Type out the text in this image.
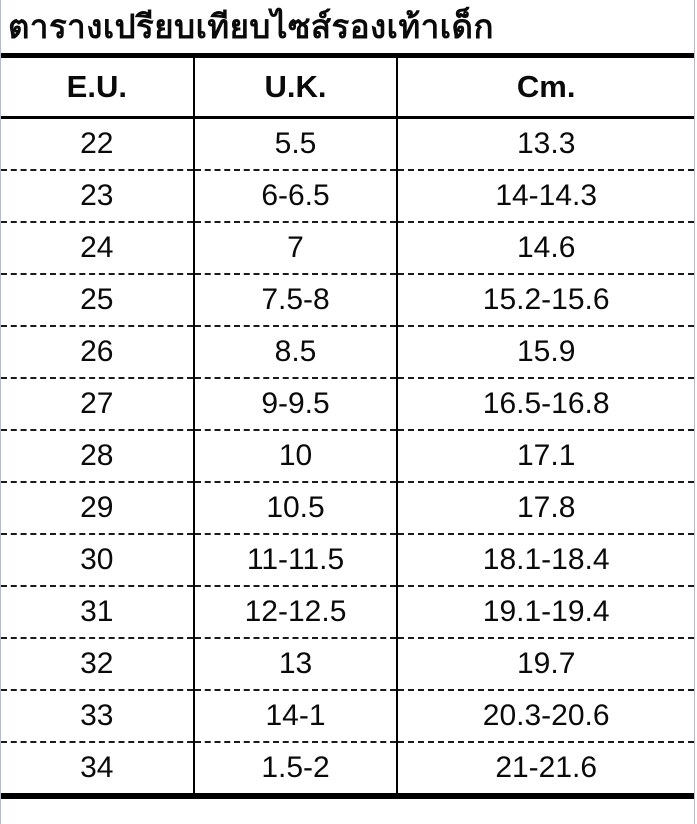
ตารางเปรียบเทียบไซส์รองเท้าเด็ก
E.U.	U.K.	Cm.
22	5.5	13.3
23	6-6.5	14-14.3
24	7	14.6
25	7.5-8	15.2-15.6
26	8.5	15.9
27	9-9.5	16.5-16.8
28	10	17.1
29	10.5	17.8
30	11-11.5	18.1-18.4
31	12-12.5	19.1-19.4
32	13	19.7
33	14-1	20.3-20.6
34	1.5-2	21-21.6
